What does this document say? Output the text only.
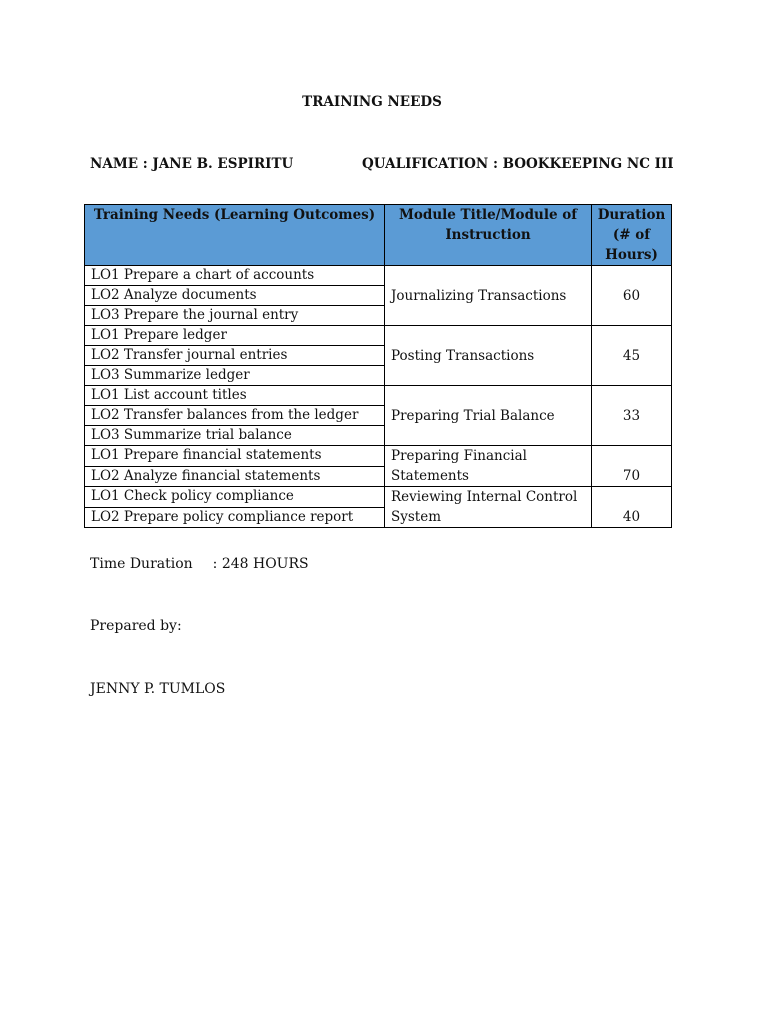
TRAINING NEEDS
NAME : JANE B. ESPIRITU	QUALIFICATION : BOOKKEEPING NC III
Training Needs (Learning Outcomes)	Module Title/Module of Instruction	Duration (# of Hours)
LO1 Prepare a chart of accounts	Journalizing Transactions	60
LO2 Analyze documents		
LO3 Prepare the journal entry		
LO1 Prepare ledger	Posting Transactions	45
LO2 Transfer journal entries		
LO3 Summarize ledger		
LO1 List account titles	Preparing Trial Balance	33
LO2 Transfer balances from the ledger		
LO3 Summarize trial balance		
LO1 Prepare financial statements	Preparing Financial Statements	70
LO2 Analyze financial statements		
LO1 Check policy compliance	Reviewing Internal Control System	40
LO2 Prepare policy compliance report		
Time Duration : 248 HOURS
Prepared by:
JENNY P. TUMLOS
